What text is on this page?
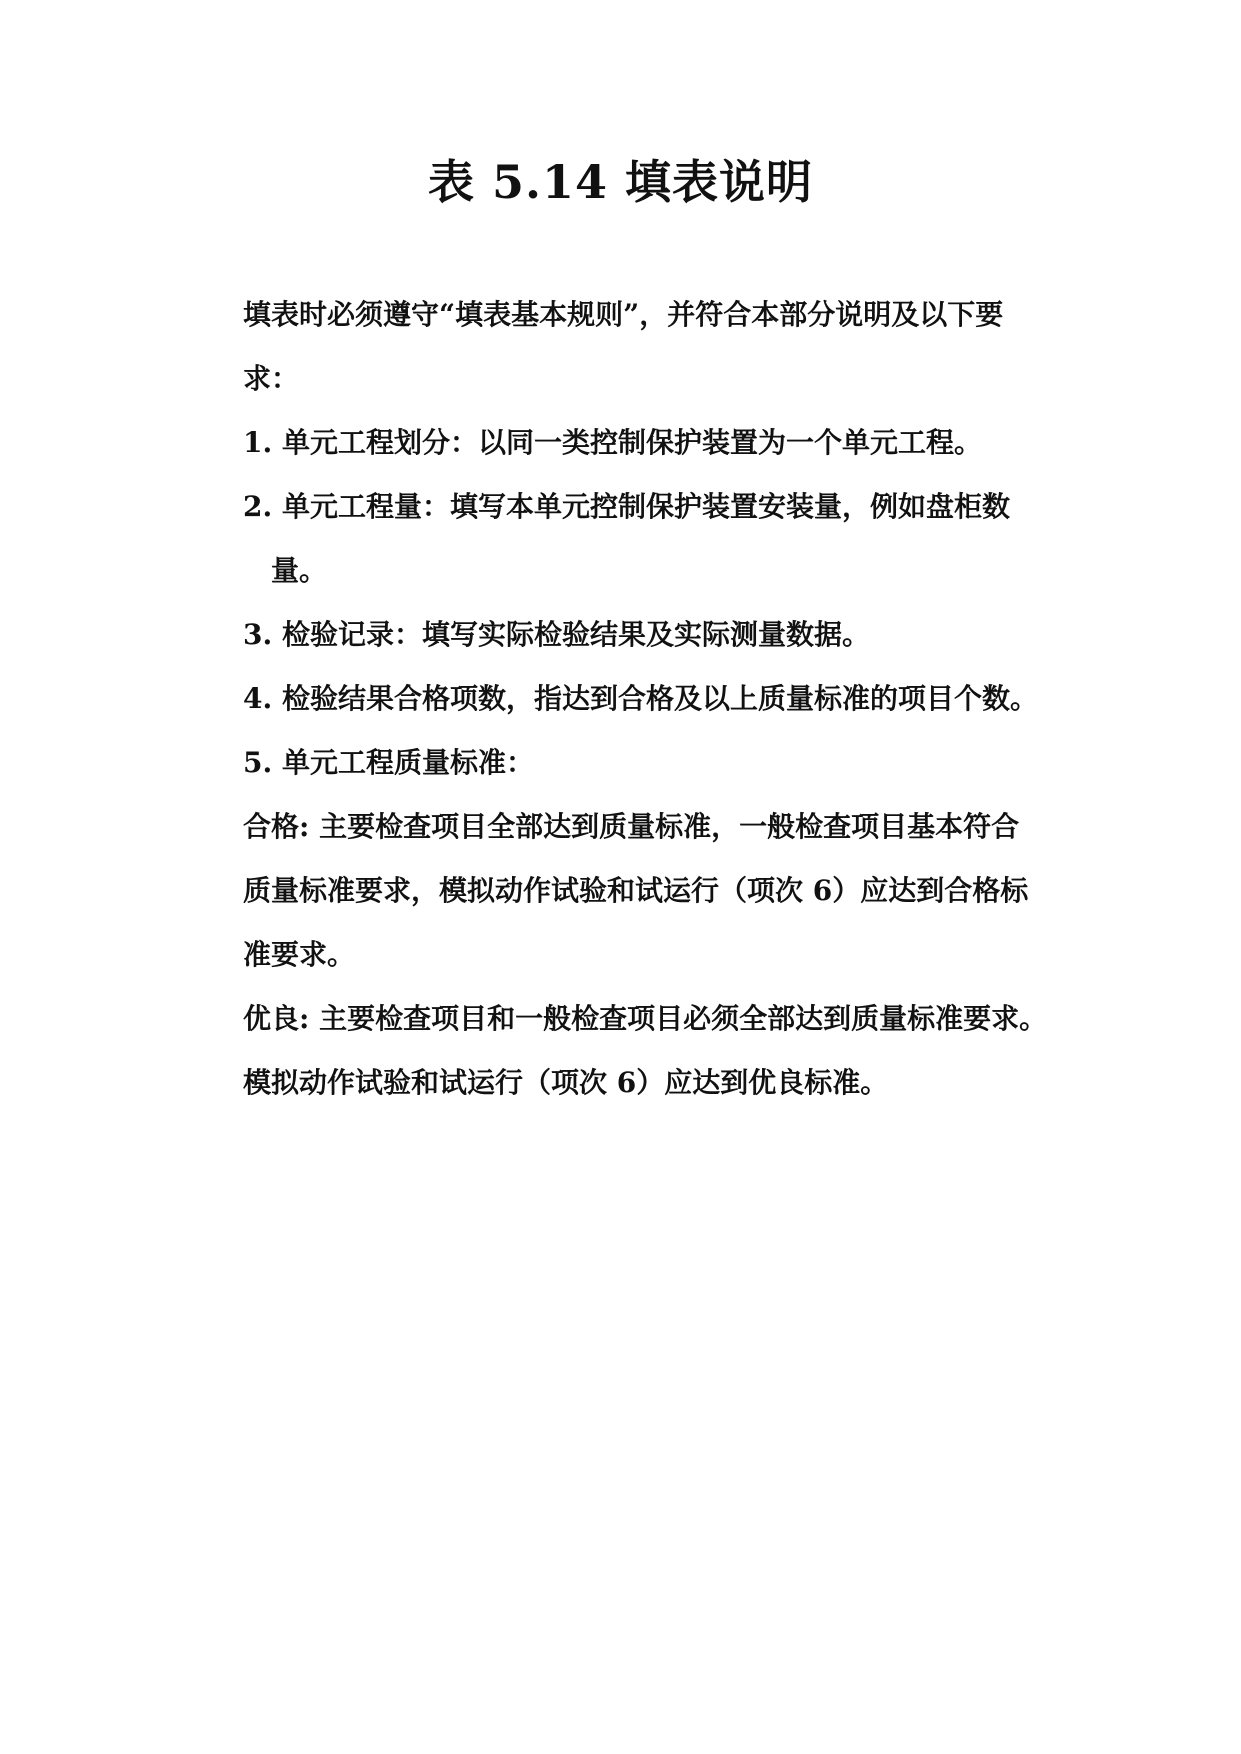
表 5.14 填表说明

填表时必须遵守“填表基本规则”，并符合本部分说明及以下要

求：

1. 单元工程划分：以同一类控制保护装置为一个单元工程。

2. 单元工程量：填写本单元控制保护装置安装量，例如盘柜数

量。

3. 检验记录：填写实际检验结果及实际测量数据。

4. 检验结果合格项数，指达到合格及以上质量标准的项目个数。

5. 单元工程质量标准：

合格: 主要检查项目全部达到质量标准，一般检查项目基本符合

质量标准要求，模拟动作试验和试运行（项次 6）应达到合格标

准要求。

优良: 主要检查项目和一般检查项目必须全部达到质量标准要求。

模拟动作试验和试运行（项次 6）应达到优良标准。
